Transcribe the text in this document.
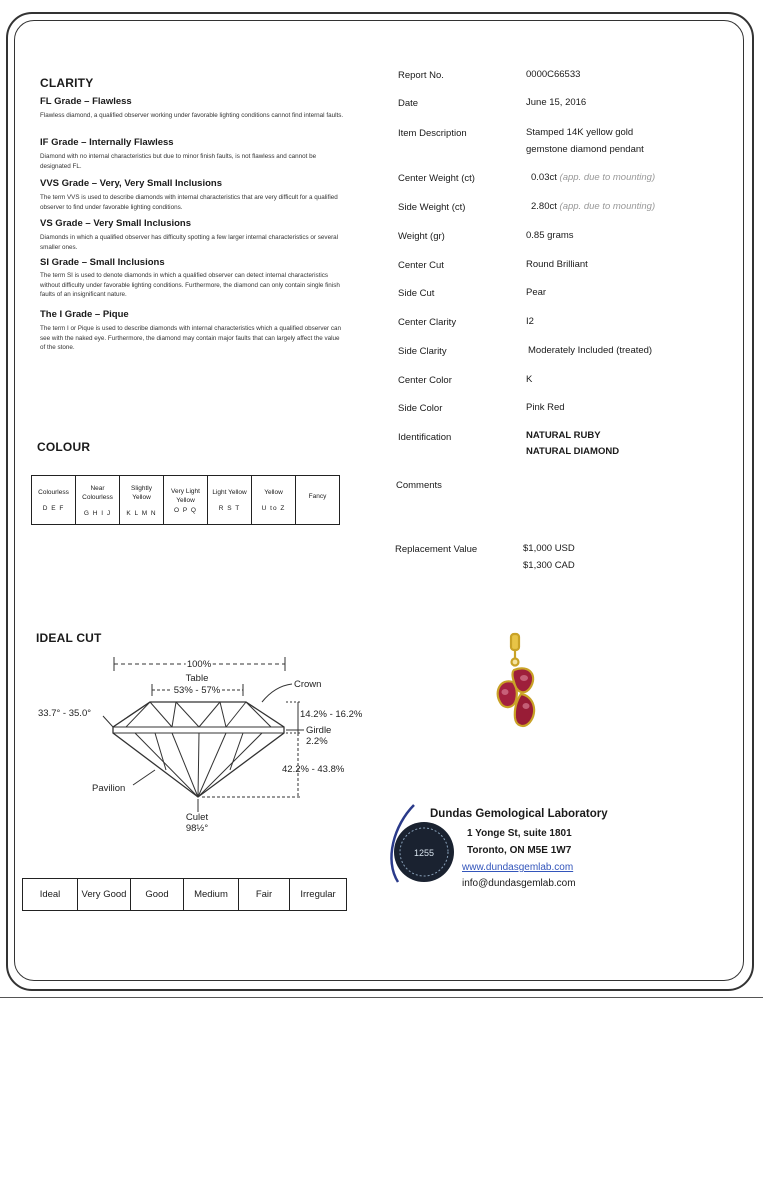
CLARITY
FL Grade – Flawless
Flawless diamond, a qualified observer working under favorable lighting conditions cannot find internal faults.
IF Grade – Internally Flawless
Diamond with no internal characteristics but due to minor finish faults, is not flawless and cannot be designated FL.
VVS Grade – Very, Very Small Inclusions
The term VVS is used to describe diamonds with internal characteristics that are very difficult for a qualified observer to find under favorable lighting conditions.
VS Grade – Very Small Inclusions
Diamonds in which a qualified observer has difficulty spotting a few larger internal characteristics or several smaller ones.
SI Grade – Small Inclusions
The term SI is used to denote diamonds in which a qualified observer can detect internal characteristics without difficulty under favorable lighting conditions. Furthermore, the diamond can only contain single finish faults of an insignificant nature.
The I Grade – Pique
The term I or Pique is used to describe diamonds with internal characteristics which a qualified observer can see with the naked eye. Furthermore, the diamond may contain major faults that can largely affect the value of the stone.
Report No.	0000C66533
Date	June 15, 2016
Item Description	Stamped 14K yellow gold gemstone diamond pendant
Center Weight (ct)	0.03ct (app. due to mounting)
Side Weight (ct)	2.80ct (app. due to mounting)
Weight (gr)	0.85 grams
Center Cut	Round Brilliant
Side Cut	Pear
Center Clarity	I2
Side Clarity	Moderately Included (treated)
Center Color	K
Side Color	Pink Red
Identification	NATURAL RUBY
NATURAL DIAMOND
Comments
Replacement Value	$1,000 USD
$1,300 CAD
COLOUR
Colourless
D E F

Near Colourless
G H I J

Slightly Yellow
K L M N

Very Light Yellow
O P Q

Light Yellow
R S T

Yellow
U to Z

Fancy
IDEAL CUT
100%
Table
53% - 57%
Crown
33.7° - 35.0°	14.2% - 16.2%
Girdle
2.2%
42.2% - 43.8%
Pavilion
Culet
98½°
Ideal	Very Good	Good	Medium	Fair	Irregular
1255
Dundas Gemological Laboratory
1 Yonge St, suite 1801
Toronto, ON M5E 1W7
www.dundasgemlab.com
info@dundasgemlab.com
